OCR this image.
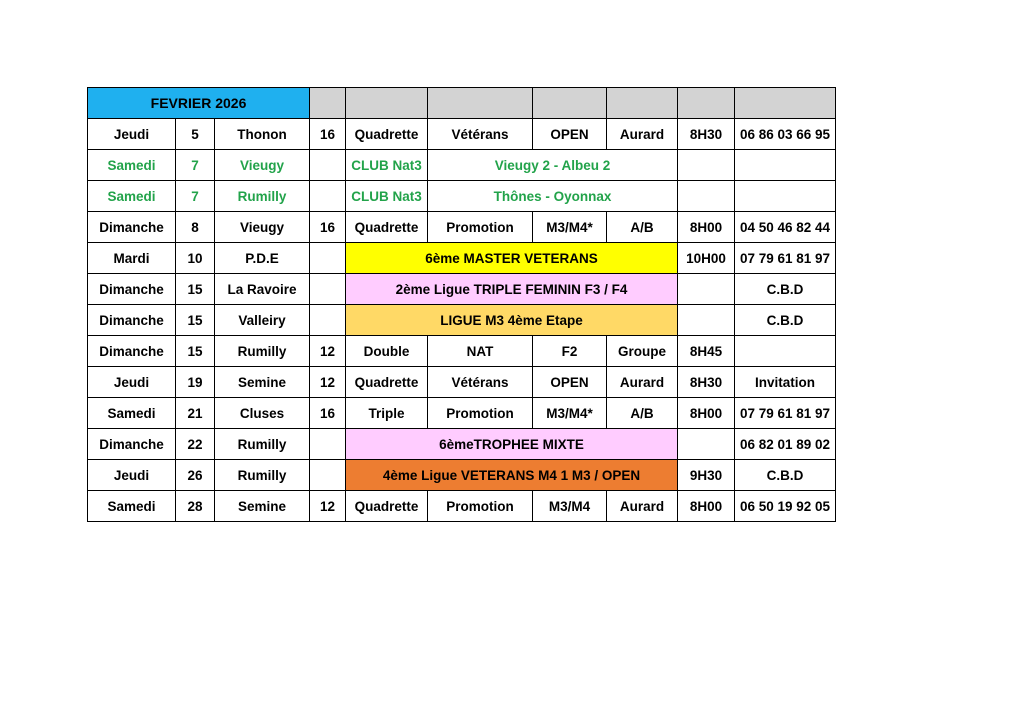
FEVRIER 2026									
Jeudi	5	Thonon	16	Quadrette	Vétérans	OPEN	Aurard	8H30	06 86 03 66 95
Samedi	7	Vieugy		CLUB Nat3	Vieugy 2 - Albeu 2				
Samedi	7	Rumilly		CLUB Nat3	Thônes - Oyonnax				
Dimanche	8	Vieugy	16	Quadrette	Promotion	M3/M4*	A/B	8H00	04 50 46 82 44
Mardi	10	P.D.E		6ème MASTER VETERANS				10H00	07 79 61 81 97
Dimanche	15	La Ravoire		2ème Ligue TRIPLE FEMININ F3 / F4					C.B.D
Dimanche	15	Valleiry		LIGUE M3 4ème Etape					C.B.D
Dimanche	15	Rumilly	12	Double	NAT	F2	Groupe	8H45	
Jeudi	19	Semine	12	Quadrette	Vétérans	OPEN	Aurard	8H30	Invitation
Samedi	21	Cluses	16	Triple	Promotion	M3/M4*	A/B	8H00	07 79 61 81 97
Dimanche	22	Rumilly		6èmeTROPHEE MIXTE					06 82 01 89 02
Jeudi	26	Rumilly		4ème Ligue VETERANS M4 1 M3 / OPEN				9H30	C.B.D
Samedi	28	Semine	12	Quadrette	Promotion	M3/M4	Aurard	8H00	06 50 19 92 05
